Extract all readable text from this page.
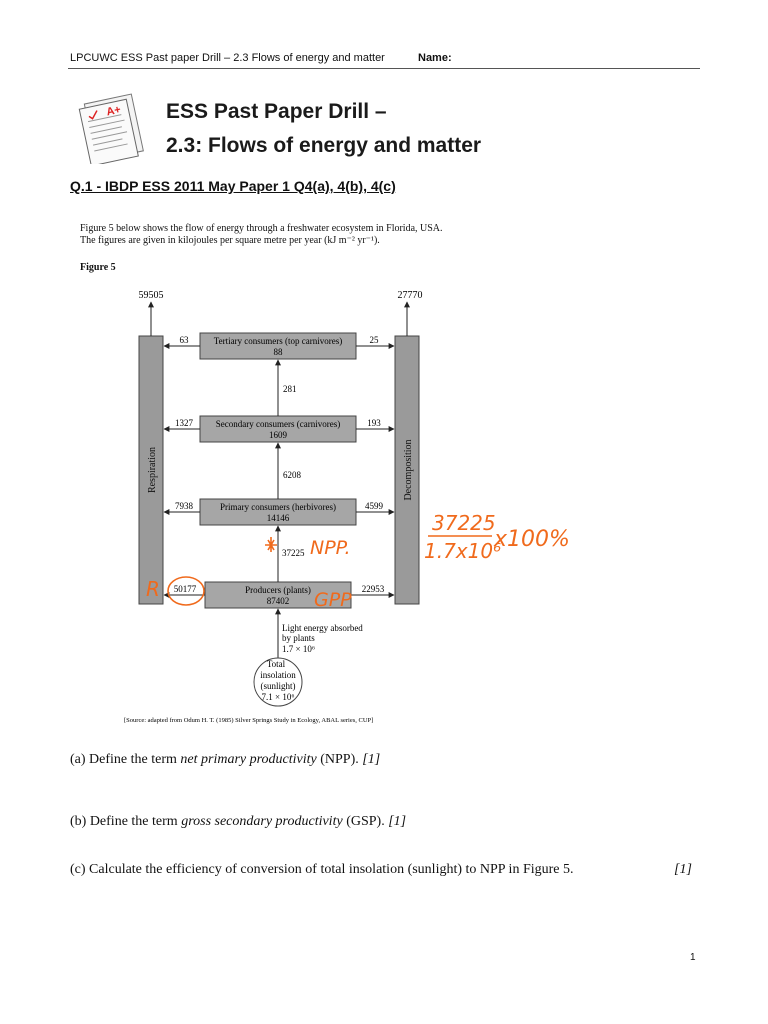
LPCUWC ESS Past paper Drill – 2.3 Flows of energy and matter	Name:
A+ ESS Past Paper Drill –
2.3: Flows of energy and matter
Q.1 - IBDP ESS 2011 May Paper 1 Q4(a), 4(b), 4(c)
Figure 5 below shows the flow of energy through a freshwater ecosystem in Florida, USA.
The figures are given in kilojoules per square metre per year (kJ m⁻² yr⁻¹).
Figure 5
Respiration	Decomposition
59505	27770
Tertiary consumers (top carnivores)
88
Secondary consumers (carnivores)
1609
Primary consumers (herbivores)
14146
Producers (plants)
87402
63	25
1327	193
7938	4599
50177	22953
281
6208
37225
Light energy absorbed
by plants
1.7 × 10⁶
Total
insolation
(sunlight)
7.1 × 10⁶
[Source: adapted from Odum H. T. (1985) Silver Springs Study in Ecology, ABAL series, CUP]
R
NPP.
GPP
37225
1.7x10⁶
x100%
(a) Define the term net primary productivity (NPP). [1]
(b) Define the term gross secondary productivity (GSP). [1]
(c) Calculate the efficiency of conversion of total insolation (sunlight) to NPP in Figure 5.	[1]
1
